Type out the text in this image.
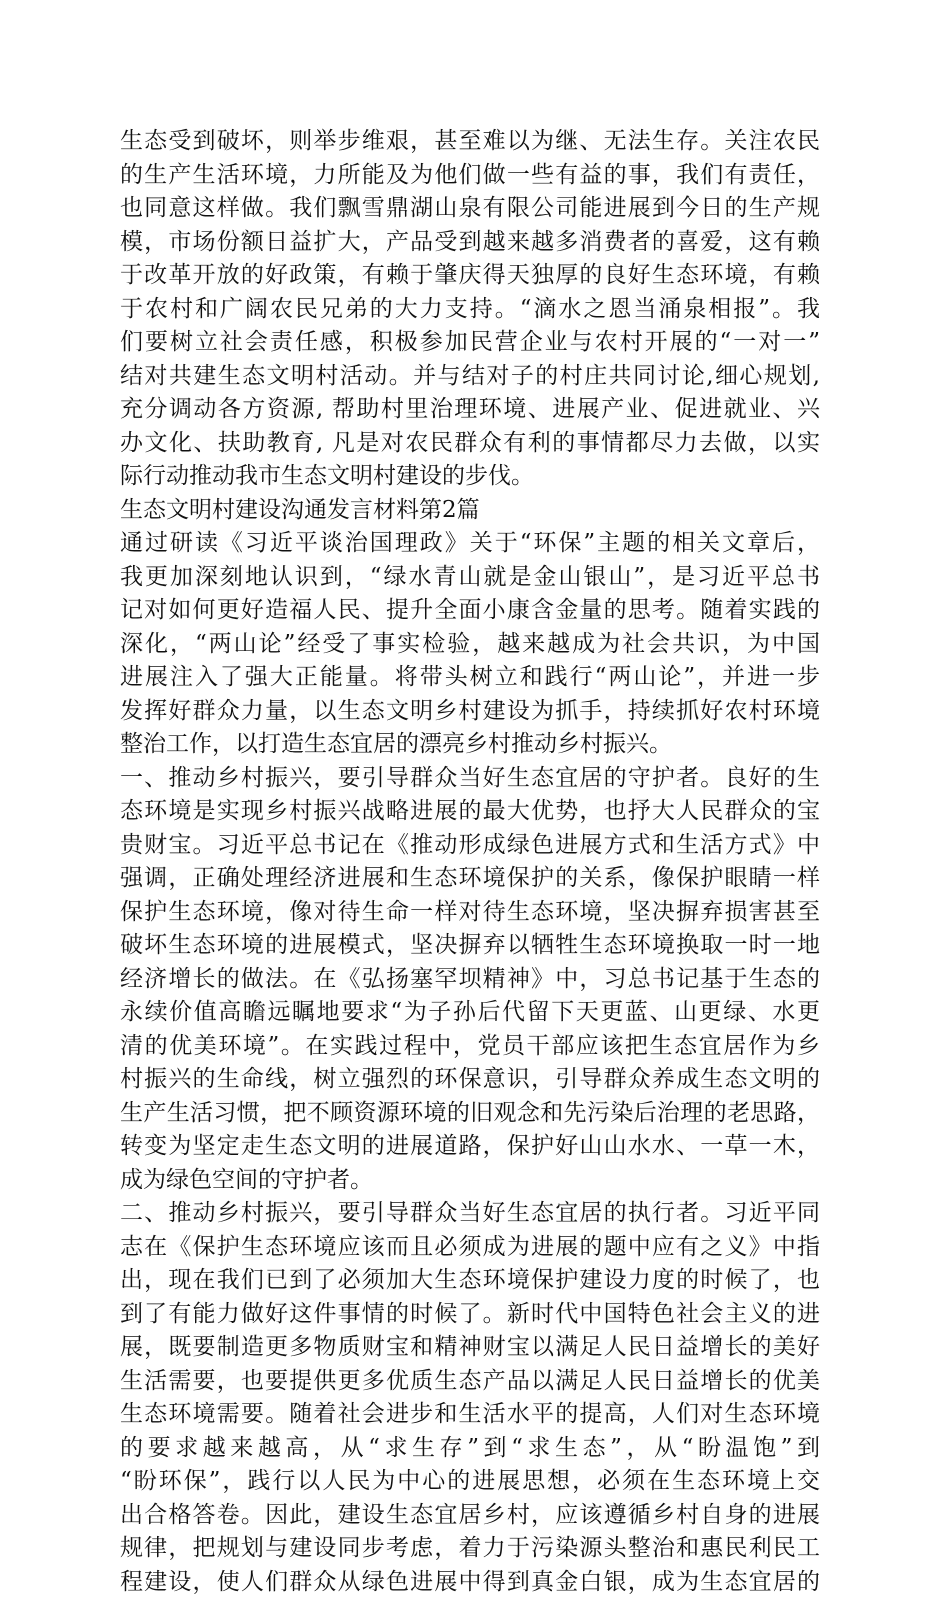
生态受到破坏，则举步维艰，甚至难以为继、无法生存。关注农民
的生产生活环境，力所能及为他们做一些有益的事，我们有责任，
也同意这样做。我们飘雪鼎湖山泉有限公司能进展到今日的生产规
模，市场份额日益扩大，产品受到越来越多消费者的喜爱，这有赖
于改革开放的好政策，有赖于肇庆得天独厚的良好生态环境，有赖
于农村和广阔农民兄弟的大力支持。“滴水之恩当涌泉相报”。我
们要树立社会责任感，积极参加民营企业与农村开展的“一对一”
结对共建生态文明村活动。并与结对子的村庄共同讨论,细心规划,
充分调动各方资源, 帮助村里治理环境、进展产业、促进就业、兴
办文化、扶助教育, 凡是对农民群众有利的事情都尽力去做，以实
际行动推动我市生态文明村建设的步伐。
生态文明村建设沟通发言材料第2篇
通过研读《习近平谈治国理政》关于“环保”主题的相关文章后，
我更加深刻地认识到，“绿水青山就是金山银山”，是习近平总书
记对如何更好造福人民、提升全面小康含金量的思考。随着实践的
深化，“两山论”经受了事实检验，越来越成为社会共识，为中国
进展注入了强大正能量。将带头树立和践行“两山论”，并进一步
发挥好群众力量，以生态文明乡村建设为抓手，持续抓好农村环境
整治工作，以打造生态宜居的漂亮乡村推动乡村振兴。
一、推动乡村振兴，要引导群众当好生态宜居的守护者。良好的生
态环境是实现乡村振兴战略进展的最大优势，也抒大人民群众的宝
贵财宝。习近平总书记在《推动形成绿色进展方式和生活方式》中
强调，正确处理经济进展和生态环境保护的关系，像保护眼睛一样
保护生态环境，像对待生命一样对待生态环境，坚决摒弃损害甚至
破坏生态环境的进展模式，坚决摒弃以牺牲生态环境换取一时一地
经济增长的做法。在《弘扬塞罕坝精神》中，习总书记基于生态的
永续价值高瞻远瞩地要求“为子孙后代留下天更蓝、山更绿、水更
清的优美环境”。在实践过程中，党员干部应该把生态宜居作为乡
村振兴的生命线，树立强烈的环保意识，引导群众养成生态文明的
生产生活习惯，把不顾资源环境的旧观念和先污染后治理的老思路，
转变为坚定走生态文明的进展道路，保护好山山水水、一草一木，
成为绿色空间的守护者。
二、推动乡村振兴，要引导群众当好生态宜居的执行者。习近平同
志在《保护生态环境应该而且必须成为进展的题中应有之义》中指
出，现在我们已到了必须加大生态环境保护建设力度的时候了，也
到了有能力做好这件事情的时候了。新时代中国特色社会主义的进
展，既要制造更多物质财宝和精神财宝以满足人民日益增长的美好
生活需要，也要提供更多优质生态产品以满足人民日益增长的优美
生态环境需要。随着社会进步和生活水平的提高，人们对生态环境
的要求越来越高，从“求生存”到“求生态”，从“盼温饱”到
“盼环保”，践行以人民为中心的进展思想，必须在生态环境上交
出合格答卷。因此，建设生态宜居乡村，应该遵循乡村自身的进展
规律，把规划与建设同步考虑，着力于污染源头整治和惠民利民工
程建设，使人们群众从绿色进展中得到真金白银，成为生态宜居的
